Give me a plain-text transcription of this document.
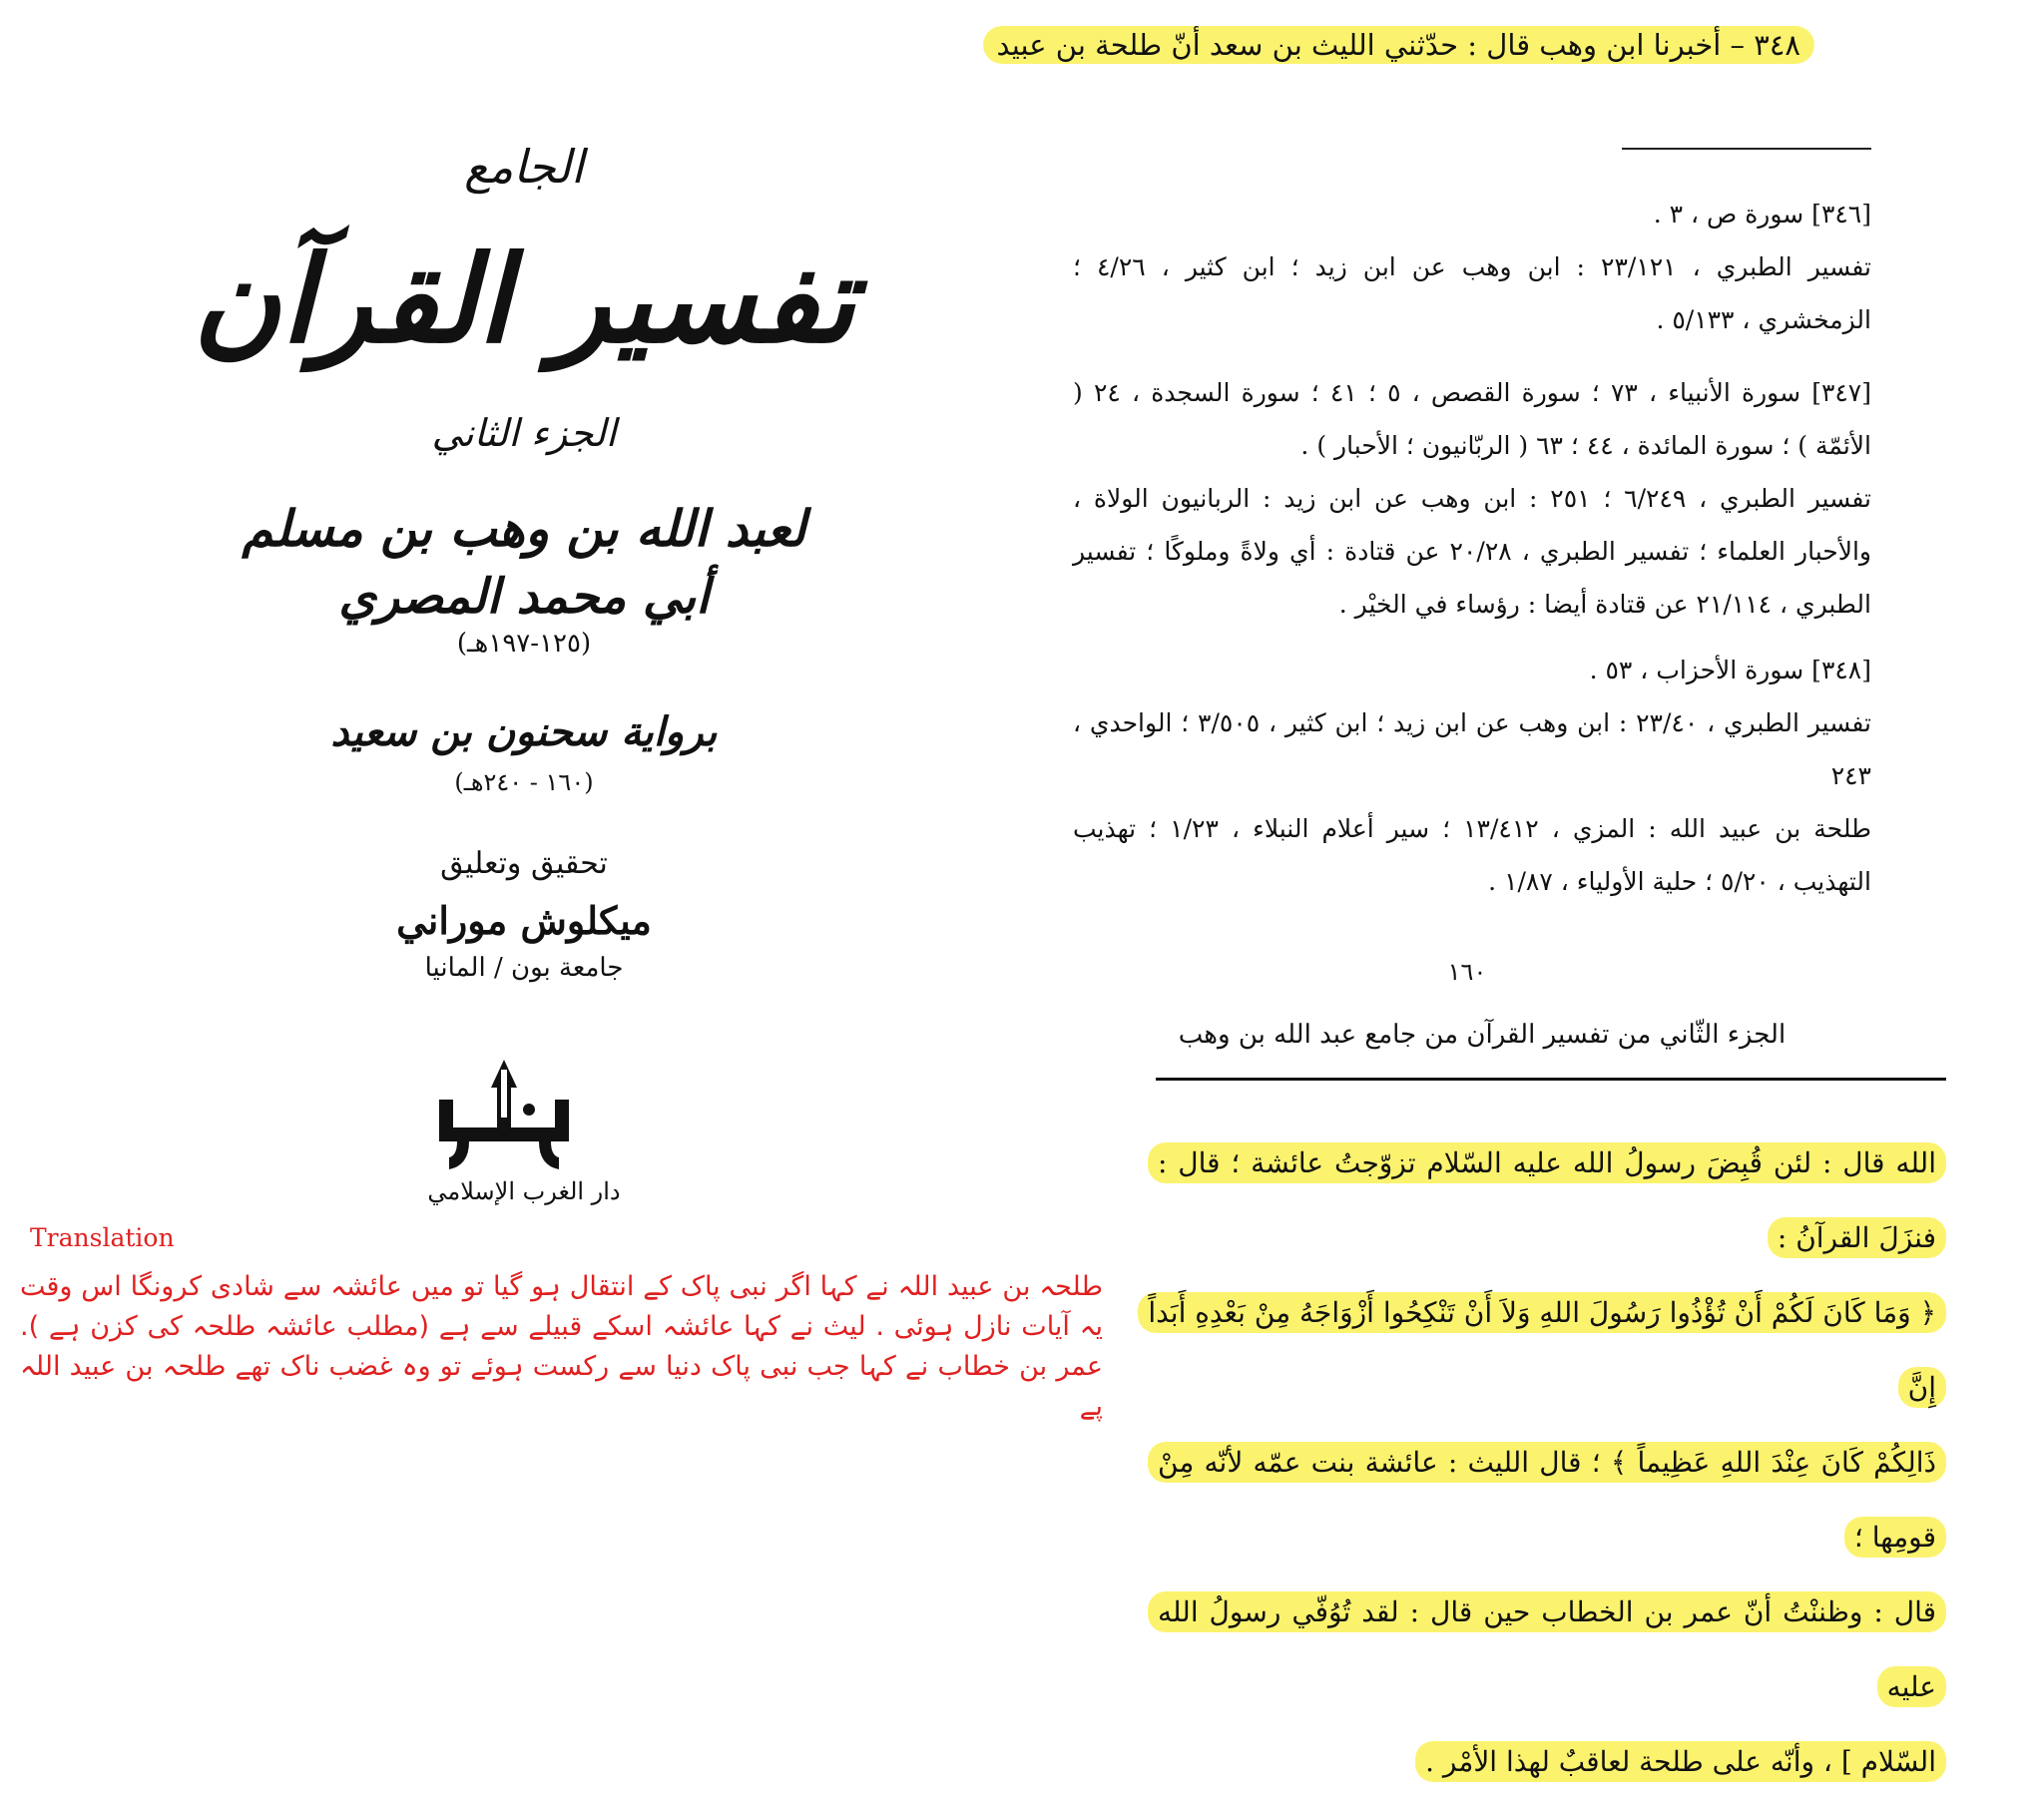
الجامع
تفسير القرآن
الجزء الثاني
لعبد الله بن وهب بن مسلم
أبي محمد المصري
(١٢٥-١٩٧هـ)
برواية سحنون بن سعيد
(١٦٠ - ٢٤٠هـ)
تحقيق وتعليق
ميكلوش موراني
جامعة بون / المانيا
دار الغرب الإسلامي
Translation
طلحہ بن عبید اللہ نے کہا اگر نبی پاک کے انتقال ہو گیا تو میں عائشہ سے شادی کرونگا اس وقت یہ آیات نازل ہوئی . لیث نے کہا عائشہ اسکے قبیلے سے ہے (مطلب عائشہ طلحہ کی کزن ہے ). عمر بن خطاب نے کہا جب نبی پاک دنیا سے رکست ہوئے تو وہ غضب ناک تھے طلحہ بن عبید اللہ پے
٣٤٨ – أخبرنا ابن وهب قال : حدّثني الليث بن سعد أنّ طلحة بن عبيد

[٣٤٦] سورة ص ، ٣ .

تفسير الطبري ، ٢٣/١٢١ : ابن وهب عن ابن زيد ؛ ابن كثير ، ٤/٢٦ ؛ الزمخشري ، ٥/١٣٣ .

[٣٤٧] سورة الأنبياء ، ٧٣ ؛ سورة القصص ، ٥ ؛ ٤١ ؛ سورة السجدة ، ٢٤ ( الأئمّة ) ؛ سورة المائدة ، ٤٤ ؛ ٦٣ ( الربّانيون ؛ الأحبار ) .

تفسير الطبري ، ٦/٢٤٩ ؛ ٢٥١ : ابن وهب عن ابن زيد : الربانيون الولاة ، والأحبار العلماء ؛ تفسير الطبري ، ٢٠/٢٨ عن قتادة : أي ولاةً وملوكًا ؛ تفسير الطبري ، ٢١/١١٤ عن قتادة أيضا : رؤساء في الخيْر .

[٣٤٨] سورة الأحزاب ، ٥٣ .

تفسير الطبري ، ٢٣/٤٠ : ابن وهب عن ابن زيد ؛ ابن كثير ، ٣/٥٠٥ ؛ الواحدي ، ٢٤٣

طلحة بن عبيد الله : المزي ، ١٣/٤١٢ ؛ سير أعلام النبلاء ، ١/٢٣ ؛ تهذيب التهذيب ، ٥/٢٠ ؛ حلية الأولياء ، ١/٨٧ .

١٦٠
الجزء الثّاني من تفسير القرآن من جامع عبد الله بن وهب
الله قال : لئن قُبِضَ رسولُ الله عليه السّلام تزوّجتُ عائشة ؛ قال : فنزَلَ القرآنُ :
﴿ وَمَا كَانَ لَكُمْ أَنْ تُؤْذُوا رَسُولَ اللهِ وَلاَ أَنْ تَنْكِحُوا أَزْوَاجَهُ مِنْ بَعْدِهِ أَبَداً إِنَّ
ذَالِكُمْ كَانَ عِنْدَ اللهِ عَظِيماً ﴾ ؛ قال الليث : عائشة بنت عمّه لأنّه مِنْ قومِها ؛
قال : وظننْتُ أنّ عمر بن الخطاب حين قال : لقد تُوُفّي رسولُ الله عليه
السّلام ] ، وأنّه على طلحة لعاقبٌ لهذا الأمْر .
